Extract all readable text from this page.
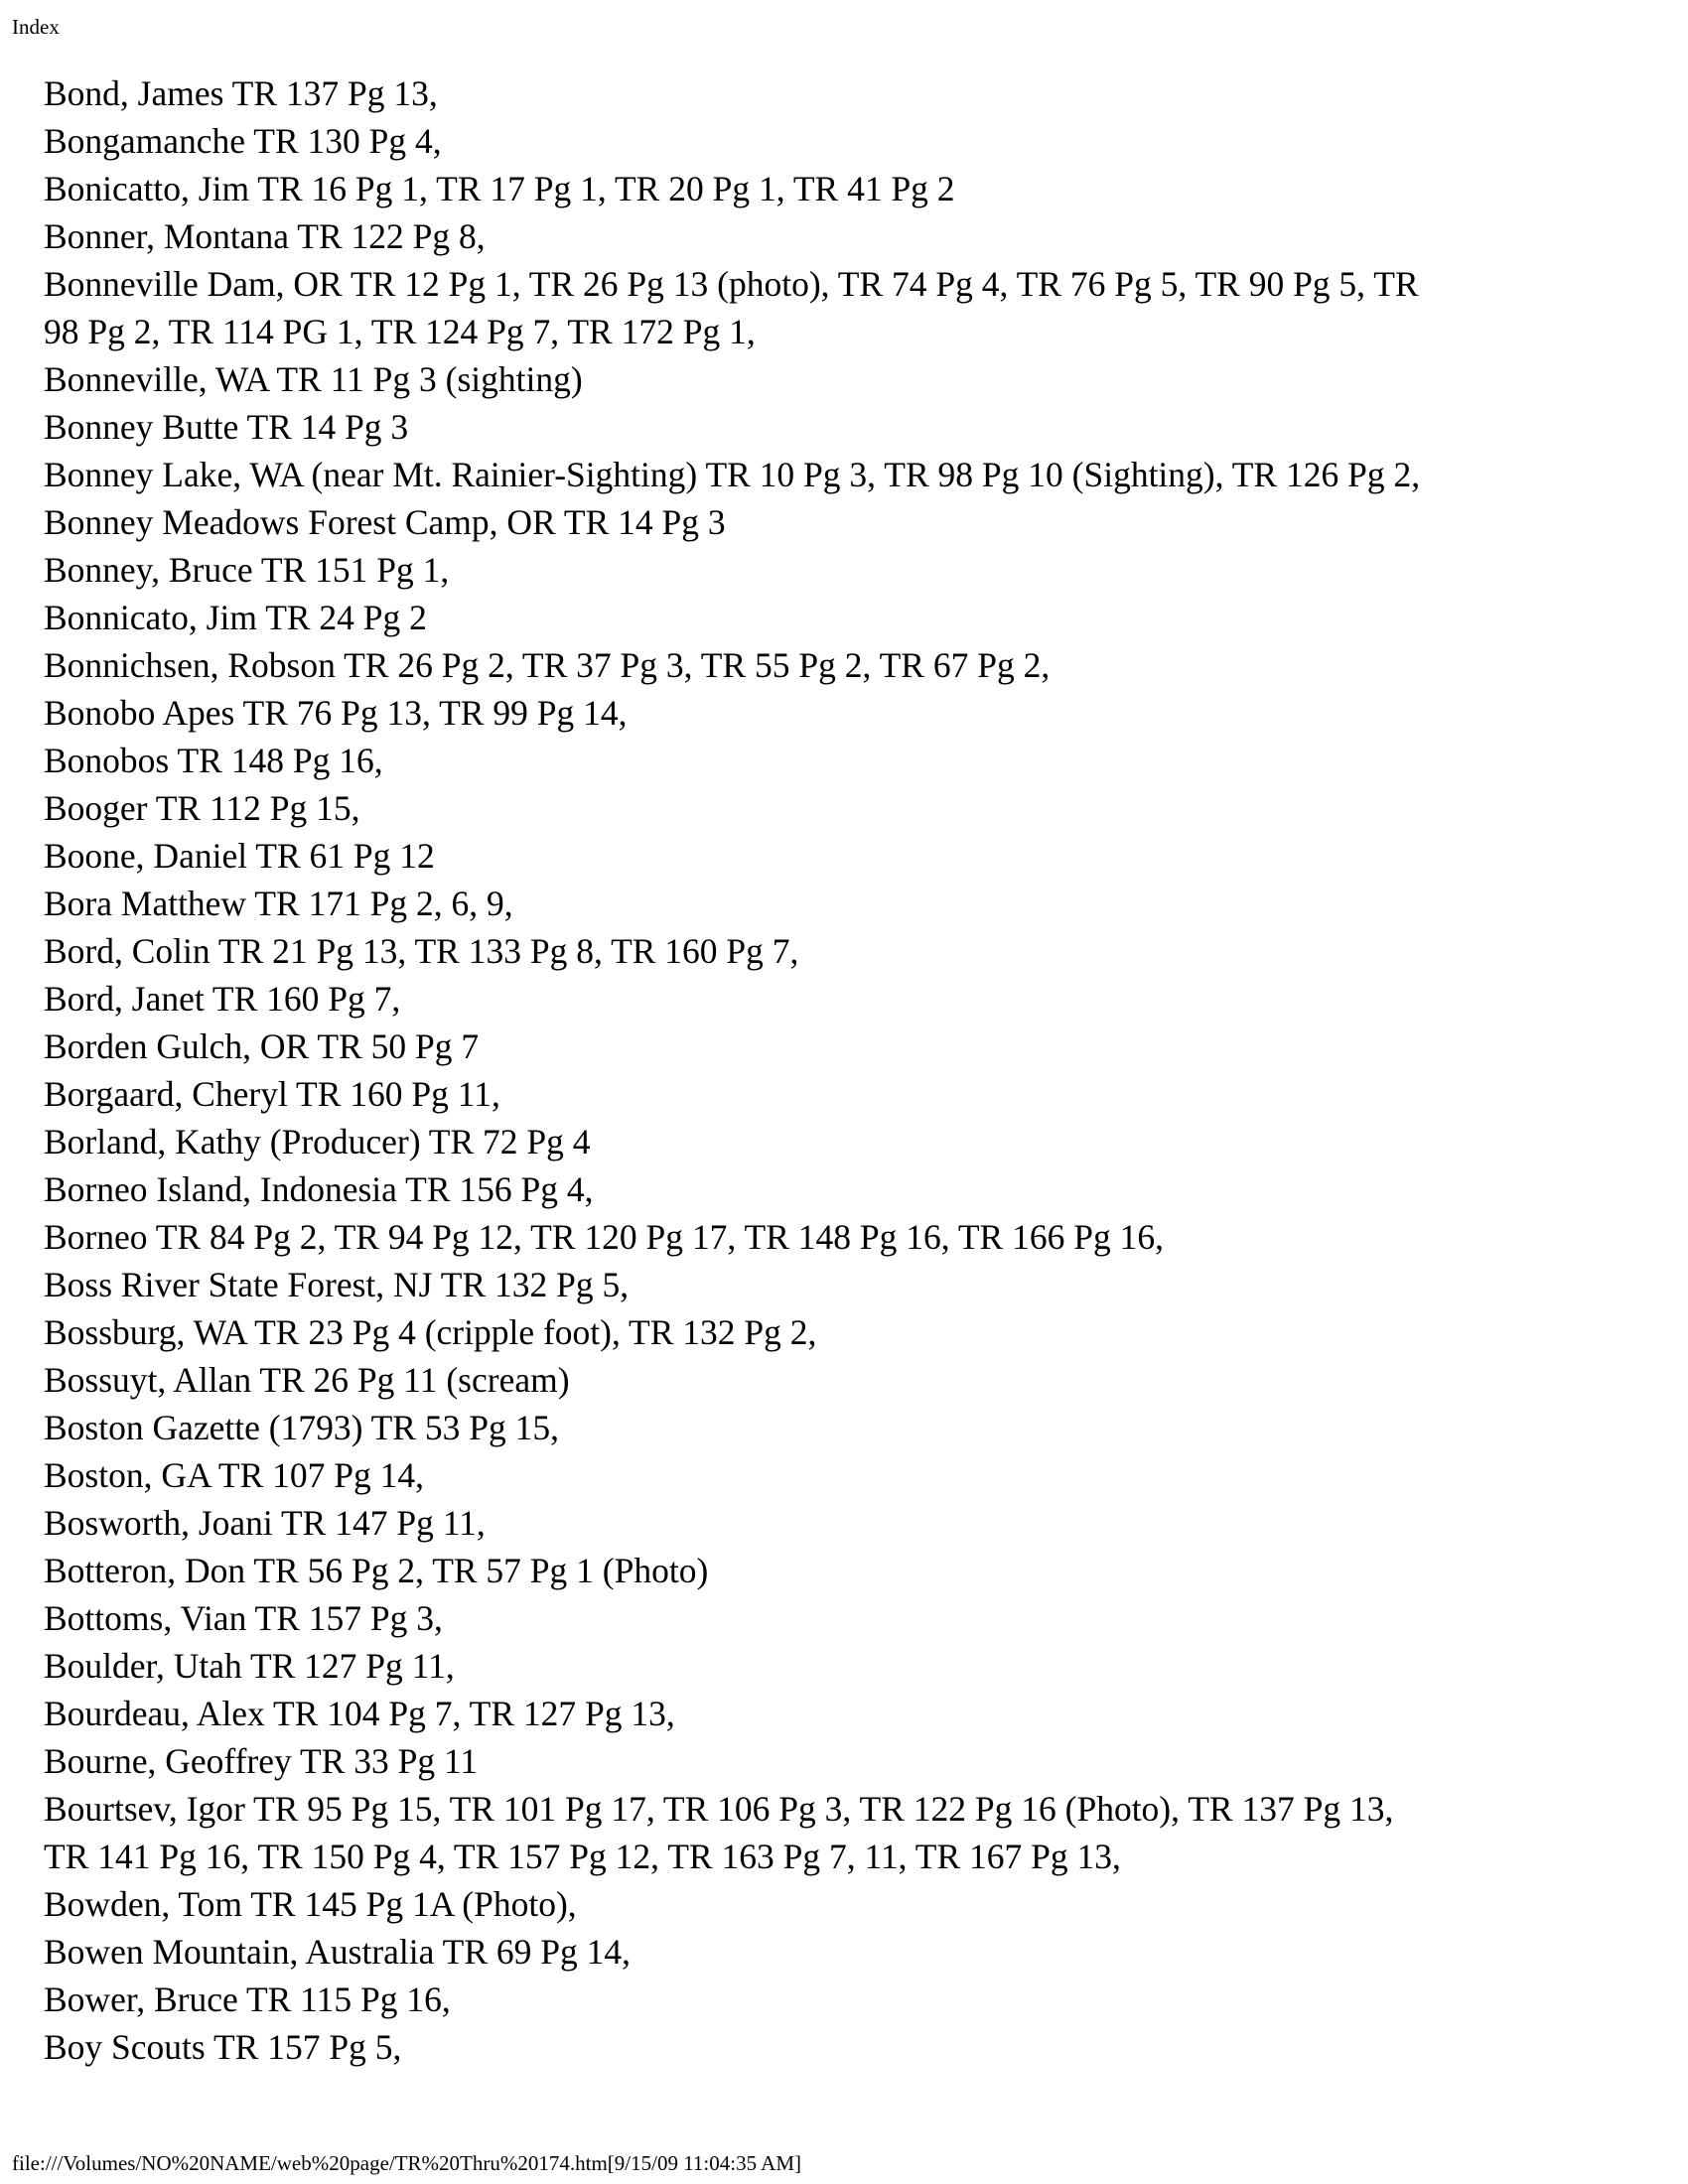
Index
Bond, James TR 137 Pg 13,
Bongamanche TR 130 Pg 4,
Bonicatto, Jim TR 16 Pg 1, TR 17 Pg 1, TR 20 Pg 1, TR 41 Pg 2
Bonner, Montana TR 122 Pg 8,
Bonneville Dam, OR TR 12 Pg 1, TR 26 Pg 13 (photo), TR 74 Pg 4, TR 76 Pg 5, TR 90 Pg 5, TR
98 Pg 2, TR 114 PG 1, TR 124 Pg 7, TR 172 Pg 1,
Bonneville, WA TR 11 Pg 3 (sighting)
Bonney Butte TR 14 Pg 3
Bonney Lake, WA (near Mt. Rainier-Sighting) TR 10 Pg 3, TR 98 Pg 10 (Sighting), TR 126 Pg 2,
Bonney Meadows Forest Camp, OR TR 14 Pg 3
Bonney, Bruce TR 151 Pg 1,
Bonnicato, Jim TR 24 Pg 2
Bonnichsen, Robson TR 26 Pg 2, TR 37 Pg 3, TR 55 Pg 2, TR 67 Pg 2,
Bonobo Apes TR 76 Pg 13, TR 99 Pg 14,
Bonobos TR 148 Pg 16,
Booger TR 112 Pg 15,
Boone, Daniel TR 61 Pg 12
Bora Matthew TR 171 Pg 2, 6, 9,
Bord, Colin TR 21 Pg 13, TR 133 Pg 8, TR 160 Pg 7,
Bord, Janet TR 160 Pg 7,
Borden Gulch, OR TR 50 Pg 7
Borgaard, Cheryl TR 160 Pg 11,
Borland, Kathy (Producer) TR 72 Pg 4
Borneo Island, Indonesia TR 156 Pg 4,
Borneo TR 84 Pg 2, TR 94 Pg 12, TR 120 Pg 17, TR 148 Pg 16, TR 166 Pg 16,
Boss River State Forest, NJ TR 132 Pg 5,
Bossburg, WA TR 23 Pg 4 (cripple foot), TR 132 Pg 2,
Bossuyt, Allan TR 26 Pg 11 (scream)
Boston Gazette (1793) TR 53 Pg 15,
Boston, GA TR 107 Pg 14,
Bosworth, Joani TR 147 Pg 11,
Botteron, Don TR 56 Pg 2, TR 57 Pg 1 (Photo)
Bottoms, Vian TR 157 Pg 3,
Boulder, Utah TR 127 Pg 11,
Bourdeau, Alex TR 104 Pg 7, TR 127 Pg 13,
Bourne, Geoffrey TR 33 Pg 11
Bourtsev, Igor TR 95 Pg 15, TR 101 Pg 17, TR 106 Pg 3, TR 122 Pg 16 (Photo), TR 137 Pg 13,
TR 141 Pg 16, TR 150 Pg 4, TR 157 Pg 12, TR 163 Pg 7, 11, TR 167 Pg 13,
Bowden, Tom TR 145 Pg 1A (Photo),
Bowen Mountain, Australia TR 69 Pg 14,
Bower, Bruce TR 115 Pg 16,
Boy Scouts TR 157 Pg 5,
file:///Volumes/NO%20NAME/web%20page/TR%20Thru%20174.htm[9/15/09 11:04:35 AM]
